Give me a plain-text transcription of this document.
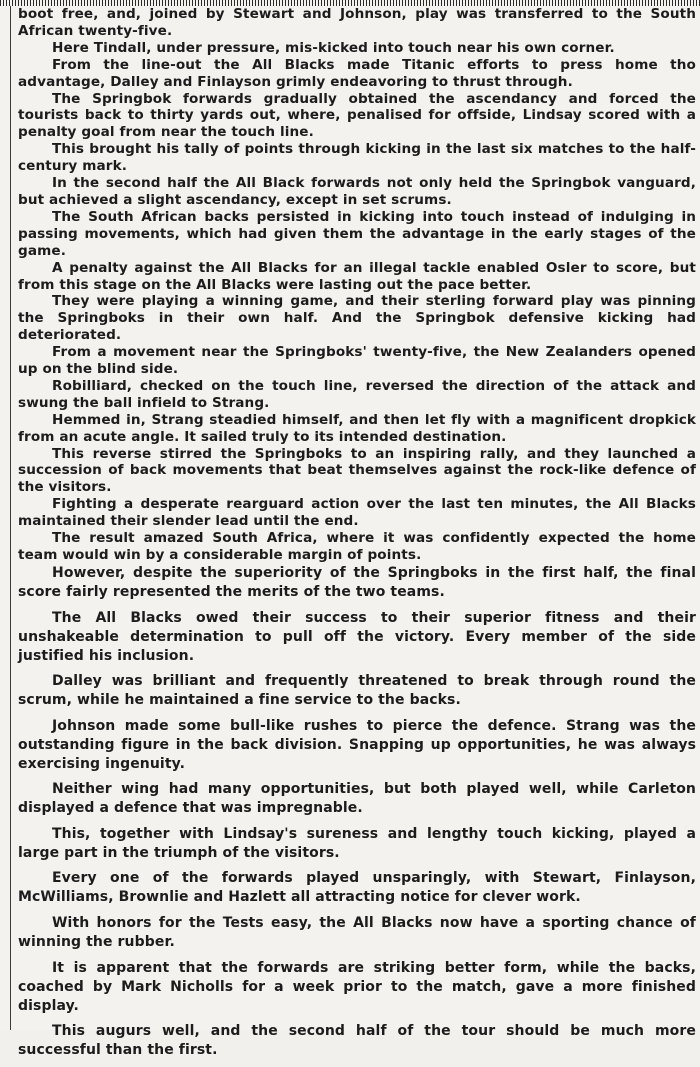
boot free, and, joined by Stewart and Johnson, play was transferred to the South African twenty-five.

Here Tindall, under pressure, mis-kicked into touch near his own corner.

From the line-out the All Blacks made Titanic efforts to press home tho advantage, Dalley and Finlayson grimly endeavoring to thrust through.

The Springbok forwards gradually obtained the ascendancy and forced the tourists back to thirty yards out, where, penalised for offside, Lindsay scored with a penalty goal from near the touch line.

This brought his tally of points through kicking in the last six matches to the half-century mark.

In the second half the All Black forwards not only held the Springbok vanguard, but achieved a slight ascendancy, except in set scrums.

The South African backs persisted in kicking into touch instead of indulging in passing movements, which had given them the advantage in the early stages of the game.

A penalty against the All Blacks for an illegal tackle enabled Osler to score, but from this stage on the All Blacks were lasting out the pace better.

They were playing a winning game, and their sterling forward play was pinning the Springboks in their own half. And the Springbok defensive kicking had deteriorated.

From a movement near the Springboks' twenty-five, the New Zealanders opened up on the blind side.

Robilliard, checked on the touch line, reversed the direction of the attack and swung the ball infield to Strang.

Hemmed in, Strang steadied himself, and then let fly with a magnificent dropkick from an acute angle. It sailed truly to its intended destination.

This reverse stirred the Springboks to an inspiring rally, and they launched a succession of back movements that beat themselves against the rock-like defence of the visitors.

Fighting a desperate rearguard action over the last ten minutes, the All Blacks maintained their slender lead until the end.

The result amazed South Africa, where it was confidently expected the home team would win by a considerable margin of points.

However, despite the superiority of the Springboks in the first half, the final score fairly represented the merits of the two teams.

The All Blacks owed their success to their superior fitness and their unshakeable determination to pull off the victory. Every member of the side justified his inclusion.

Dalley was brilliant and frequently threatened to break through round the scrum, while he maintained a fine service to the backs.

Johnson made some bull-like rushes to pierce the defence. Strang was the outstanding figure in the back division. Snapping up opportunities, he was always exercising ingenuity.

Neither wing had many opportunities, but both played well, while Carleton displayed a defence that was impregnable.

This, together with Lindsay's sureness and lengthy touch kicking, played a large part in the triumph of the visitors.

Every one of the forwards played unsparingly, with Stewart, Finlayson, McWilliams, Brownlie and Hazlett all attracting notice for clever work.

With honors for the Tests easy, the All Blacks now have a sporting chance of winning the rubber.

It is apparent that the forwards are striking better form, while the backs, coached by Mark Nicholls for a week prior to the match, gave a more finished display.

This augurs well, and the second half of the tour should be much more successful than the first.
